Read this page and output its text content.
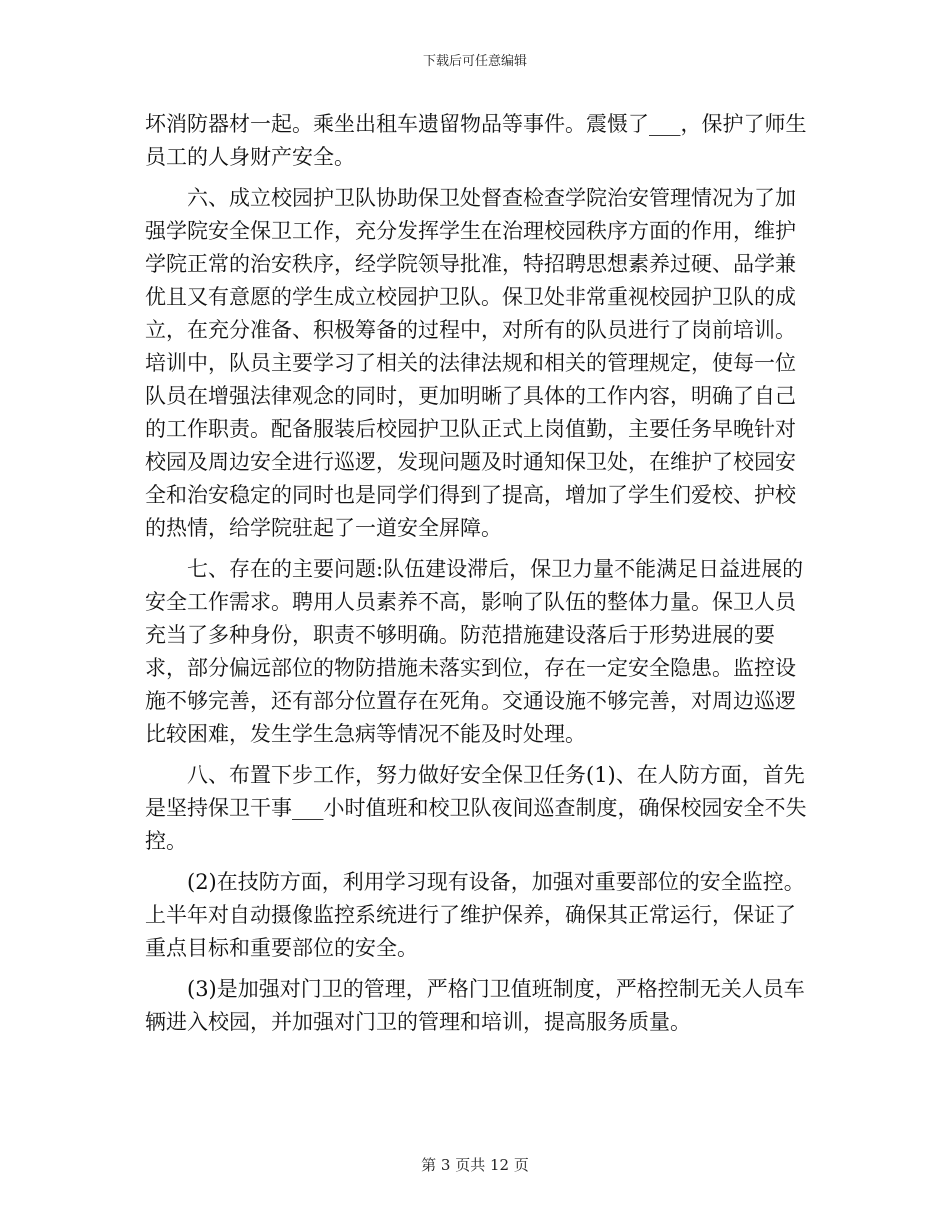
下载后可任意编辑

坏消防器材一起。乘坐出租车遗留物品等事件。震慑了___，保护了师生员工的人身财产安全。

六、成立校园护卫队协助保卫处督查检查学院治安管理情况为了加强学院安全保卫工作，充分发挥学生在治理校园秩序方面的作用，维护学院正常的治安秩序，经学院领导批准，特招聘思想素养过硬、品学兼优且又有意愿的学生成立校园护卫队。保卫处非常重视校园护卫队的成立，在充分准备、积极筹备的过程中，对所有的队员进行了岗前培训。培训中，队员主要学习了相关的法律法规和相关的管理规定，使每一位队员在增强法律观念的同时，更加明晰了具体的工作内容，明确了自己的工作职责。配备服装后校园护卫队正式上岗值勤，主要任务早晚针对校园及周边安全进行巡逻，发现问题及时通知保卫处，在维护了校园安全和治安稳定的同时也是同学们得到了提高，增加了学生们爱校、护校的热情，给学院驻起了一道安全屏障。

七、存在的主要问题:队伍建设滞后，保卫力量不能满足日益进展的安全工作需求。聘用人员素养不高，影响了队伍的整体力量。保卫人员充当了多种身份，职责不够明确。防范措施建设落后于形势进展的要求，部分偏远部位的物防措施未落实到位，存在一定安全隐患。监控设施不够完善，还有部分位置存在死角。交通设施不够完善，对周边巡逻比较困难，发生学生急病等情况不能及时处理。

八、布置下步工作，努力做好安全保卫任务(1)、在人防方面，首先是坚持保卫干事___小时值班和校卫队夜间巡查制度，确保校园安全不失控。

(2)在技防方面，利用学习现有设备，加强对重要部位的安全监控。上半年对自动摄像监控系统进行了维护保养，确保其正常运行，保证了重点目标和重要部位的安全。

(3)是加强对门卫的管理，严格门卫值班制度，严格控制无关人员车辆进入校园，并加强对门卫的管理和培训，提高服务质量。

第 3 页共 12 页
